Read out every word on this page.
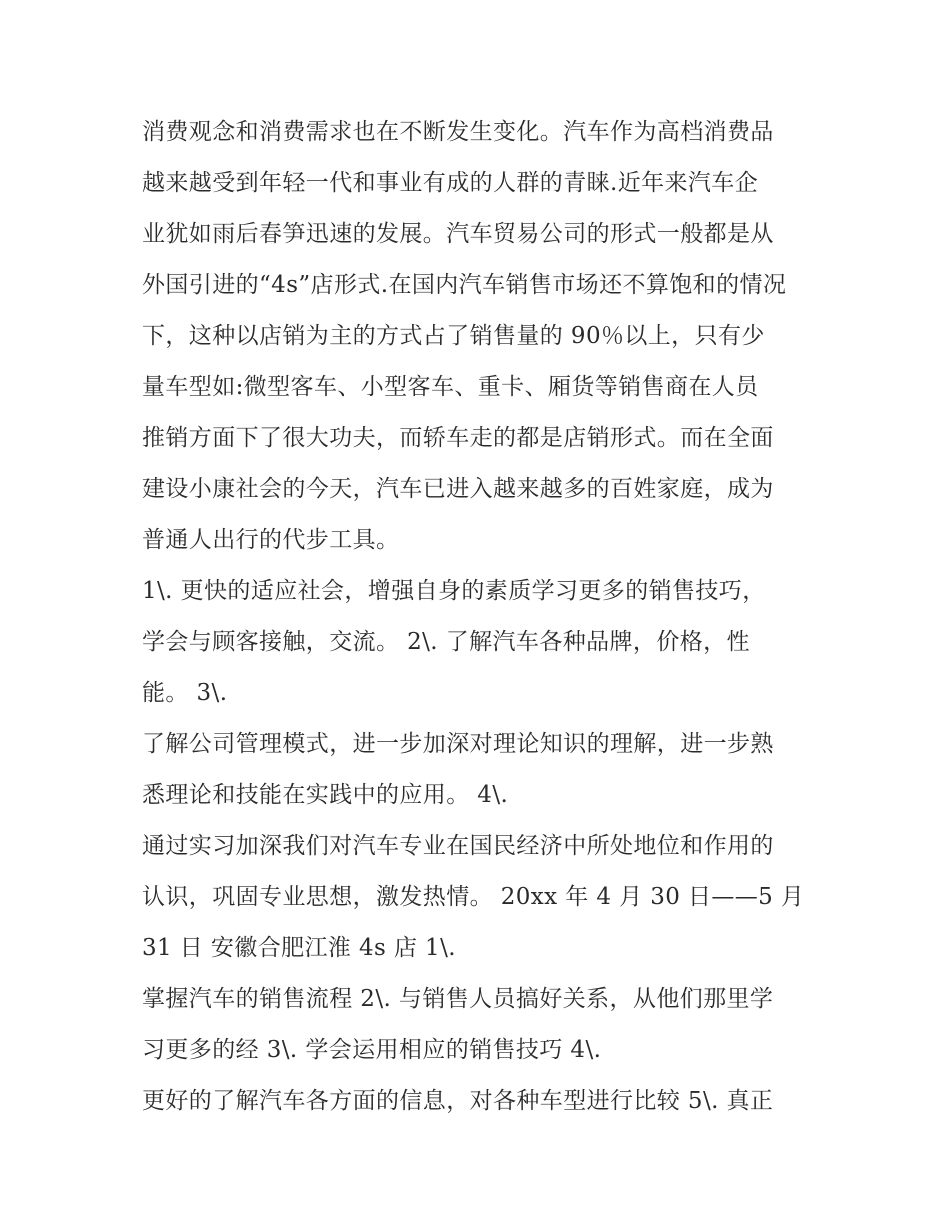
消费观念和消费需求也在不断发生变化。汽车作为高档消费品
越来越受到年轻一代和事业有成的人群的青睐.近年来汽车企
业犹如雨后春笋迅速的发展。汽车贸易公司的形式一般都是从
外国引进的“4s”店形式.在国内汽车销售市场还不算饱和的情况
下，这种以店销为主的方式占了销售量的 90％以上，只有少
量车型如:微型客车、小型客车、重卡、厢货等销售商在人员
推销方面下了很大功夫，而轿车走的都是店销形式。而在全面
建设小康社会的今天，汽车已进入越来越多的百姓家庭，成为
普通人出行的代步工具。
1\. 更快的适应社会，增强自身的素质学习更多的销售技巧，
学会与顾客接触，交流。 2\. 了解汽车各种品牌，价格，性
能。 3\.
了解公司管理模式，进一步加深对理论知识的理解，进一步熟
悉理论和技能在实践中的应用。 4\.
通过实习加深我们对汽车专业在国民经济中所处地位和作用的
认识，巩固专业思想，激发热情。 20xx 年 4 月 30 日——5 月
31 日 安徽合肥江淮 4s 店 1\.
掌握汽车的销售流程 2\. 与销售人员搞好关系，从他们那里学
习更多的经 3\. 学会运用相应的销售技巧 4\.
更好的了解汽车各方面的信息，对各种车型进行比较 5\. 真正
